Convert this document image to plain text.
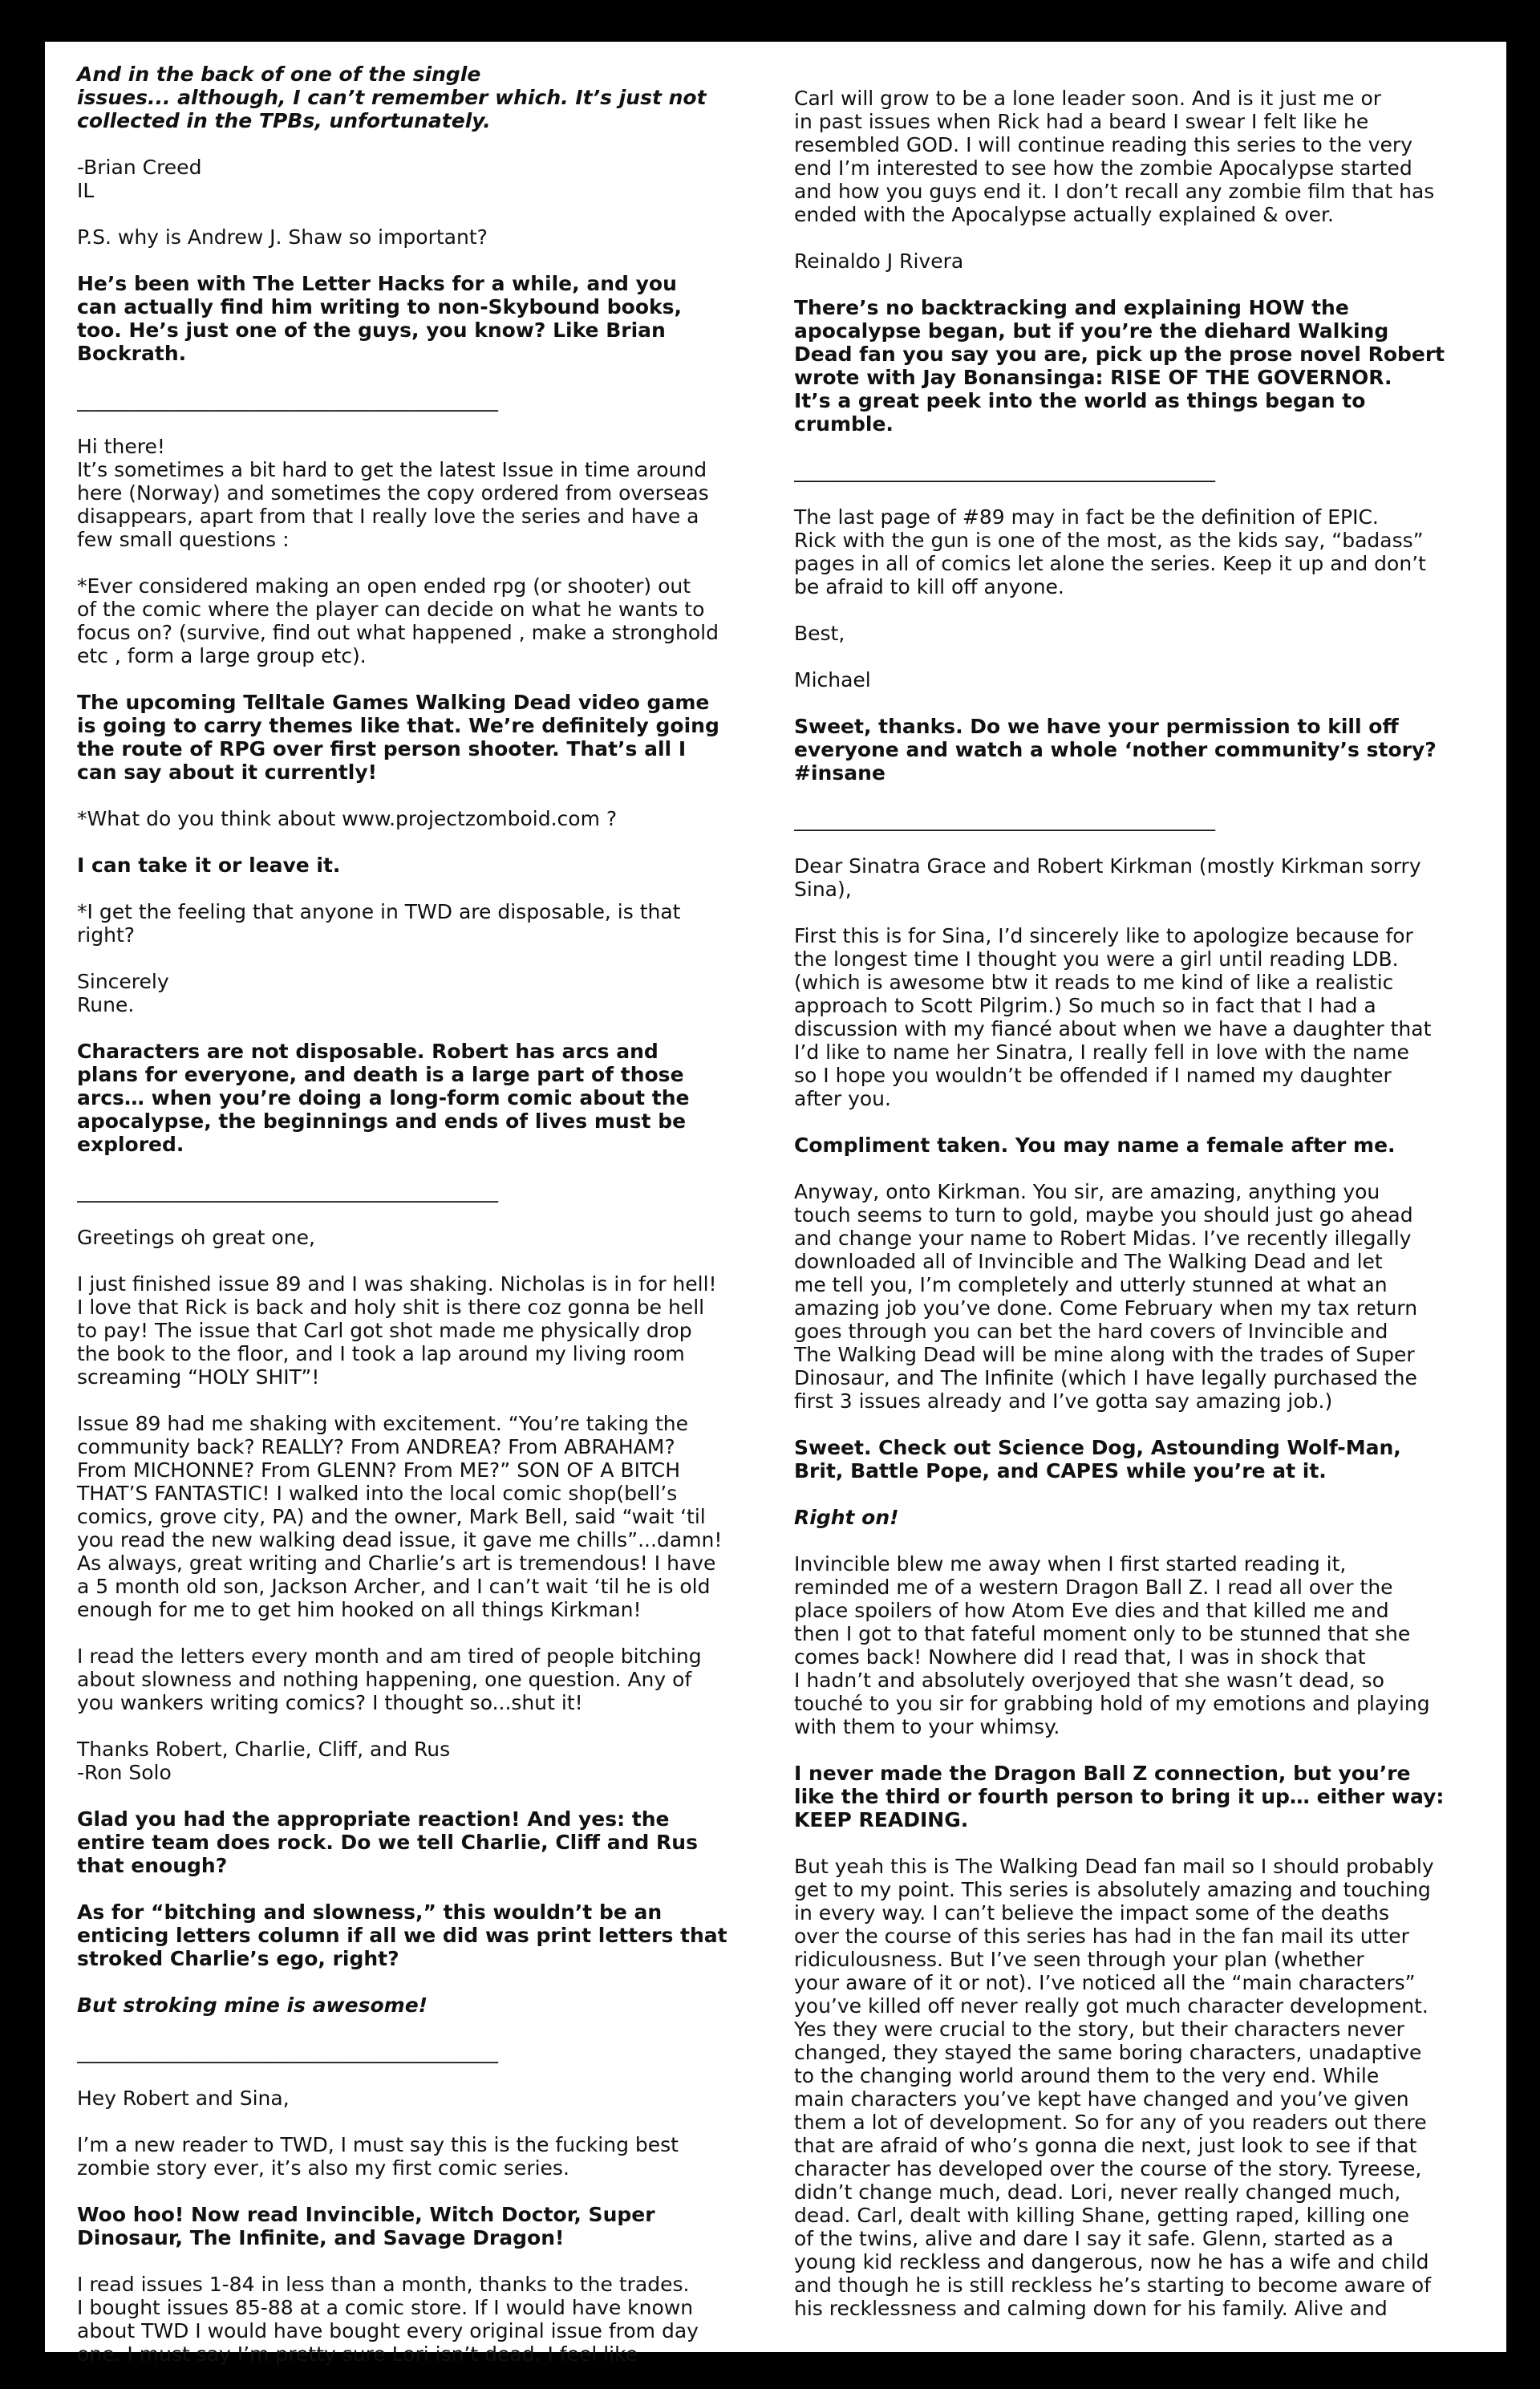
And in the back of one of the single
issues... although, I can’t remember which. It’s just not
collected in the TPBs, unfortunately.

-Brian Creed
IL

P.S. why is Andrew J. Shaw so important?

He’s been with The Letter Hacks for a while, and you
can actually find him writing to non-Skybound books,
too. He’s just one of the guys, you know? Like Brian
Bockrath.

__________________________________________

Hi there!
It’s sometimes a bit hard to get the latest Issue in time around
here (Norway) and sometimes the copy ordered from overseas
disappears, apart from that I really love the series and have a
few small questions :

*Ever considered making an open ended rpg (or shooter) out
of the comic where the player can decide on what he wants to
focus on? (survive, find out what happened , make a stronghold
etc , form a large group etc).

The upcoming Telltale Games Walking Dead video game
is going to carry themes like that. We’re definitely going
the route of RPG over first person shooter. That’s all I
can say about it currently!

*What do you think about www.projectzomboid.com ?

I can take it or leave it.

*I get the feeling that anyone in TWD are disposable, is that
right?

Sincerely
Rune.

Characters are not disposable. Robert has arcs and
plans for everyone, and death is a large part of those
arcs… when you’re doing a long-form comic about the
apocalypse, the beginnings and ends of lives must be
explored.

__________________________________________

Greetings oh great one,

I just finished issue 89 and I was shaking. Nicholas is in for hell!
I love that Rick is back and holy shit is there coz gonna be hell
to pay! The issue that Carl got shot made me physically drop
the book to the floor, and I took a lap around my living room
screaming “HOLY SHIT”!

Issue 89 had me shaking with excitement. “You’re taking the
community back? REALLY? From ANDREA? From ABRAHAM?
From MICHONNE? From GLENN? From ME?” SON OF A BITCH
THAT’S FANTASTIC! I walked into the local comic shop(bell’s
comics, grove city, PA) and the owner, Mark Bell, said “wait ‘til
you read the new walking dead issue, it gave me chills”...damn!
As always, great writing and Charlie’s art is tremendous! I have
a 5 month old son, Jackson Archer, and I can’t wait ‘til he is old
enough for me to get him hooked on all things Kirkman!

I read the letters every month and am tired of people bitching
about slowness and nothing happening, one question. Any of
you wankers writing comics? I thought so...shut it!

Thanks Robert, Charlie, Cliff, and Rus
-Ron Solo

Glad you had the appropriate reaction! And yes: the
entire team does rock. Do we tell Charlie, Cliff and Rus
that enough?

As for “bitching and slowness,” this wouldn’t be an
enticing letters column if all we did was print letters that
stroked Charlie’s ego, right?

But stroking mine is awesome!

__________________________________________

Hey Robert and Sina,

I’m a new reader to TWD, I must say this is the fucking best
zombie story ever, it’s also my first comic series.

Woo hoo! Now read Invincible, Witch Doctor, Super
Dinosaur, The Infinite, and Savage Dragon!

I read issues 1-84 in less than a month, thanks to the trades.
I bought issues 85-88 at a comic store. If I would have known
about TWD I would have bought every original issue from day
one. I must say I’m pretty sure Lori isn’t dead. I feel like

Carl will grow to be a lone leader soon. And is it just me or
in past issues when Rick had a beard I swear I felt like he
resembled GOD. I will continue reading this series to the very
end I’m interested to see how the zombie Apocalypse started
and how you guys end it. I don’t recall any zombie film that has
ended with the Apocalypse actually explained & over.

Reinaldo J Rivera

There’s no backtracking and explaining HOW the
apocalypse began, but if you’re the diehard Walking
Dead fan you say you are, pick up the prose novel Robert
wrote with Jay Bonansinga: RISE OF THE GOVERNOR.
It’s a great peek into the world as things began to
crumble.

__________________________________________

The last page of #89 may in fact be the definition of EPIC.
Rick with the gun is one of the most, as the kids say, “badass”
pages in all of comics let alone the series. Keep it up and don’t
be afraid to kill off anyone.

Best,

Michael

Sweet, thanks. Do we have your permission to kill off
everyone and watch a whole ‘nother community’s story?
#insane

__________________________________________

Dear Sinatra Grace and Robert Kirkman (mostly Kirkman sorry
Sina),

First this is for Sina, I’d sincerely like to apologize because for
the longest time I thought you were a girl until reading LDB.
(which is awesome btw it reads to me kind of like a realistic
approach to Scott Pilgrim.) So much so in fact that I had a
discussion with my fiancé about when we have a daughter that
I’d like to name her Sinatra, I really fell in love with the name
so I hope you wouldn’t be offended if I named my daughter
after you.

Compliment taken. You may name a female after me.

Anyway, onto Kirkman. You sir, are amazing, anything you
touch seems to turn to gold, maybe you should just go ahead
and change your name to Robert Midas. I’ve recently illegally
downloaded all of Invincible and The Walking Dead and let
me tell you, I’m completely and utterly stunned at what an
amazing job you’ve done. Come February when my tax return
goes through you can bet the hard covers of Invincible and
The Walking Dead will be mine along with the trades of Super
Dinosaur, and The Infinite (which I have legally purchased the
first 3 issues already and I’ve gotta say amazing job.)

Sweet. Check out Science Dog, Astounding Wolf-Man,
Brit, Battle Pope, and CAPES while you’re at it.

Right on!

Invincible blew me away when I first started reading it,
reminded me of a western Dragon Ball Z. I read all over the
place spoilers of how Atom Eve dies and that killed me and
then I got to that fateful moment only to be stunned that she
comes back! Nowhere did I read that, I was in shock that
I hadn’t and absolutely overjoyed that she wasn’t dead, so
touché to you sir for grabbing hold of my emotions and playing
with them to your whimsy.

I never made the Dragon Ball Z connection, but you’re
like the third or fourth person to bring it up… either way:
KEEP READING.

But yeah this is The Walking Dead fan mail so I should probably
get to my point. This series is absolutely amazing and touching
in every way. I can’t believe the impact some of the deaths
over the course of this series has had in the fan mail its utter
ridiculousness. But I’ve seen through your plan (whether
your aware of it or not). I’ve noticed all the “main characters”
you’ve killed off never really got much character development.
Yes they were crucial to the story, but their characters never
changed, they stayed the same boring characters, unadaptive
to the changing world around them to the very end. While
main characters you’ve kept have changed and you’ve given
them a lot of development. So for any of you readers out there
that are afraid of who’s gonna die next, just look to see if that
character has developed over the course of the story. Tyreese,
didn’t change much, dead. Lori, never really changed much,
dead. Carl, dealt with killing Shane, getting raped, killing one
of the twins, alive and dare I say it safe. Glenn, started as a
young kid reckless and dangerous, now he has a wife and child
and though he is still reckless he’s starting to become aware of
his recklessness and calming down for his family. Alive and
